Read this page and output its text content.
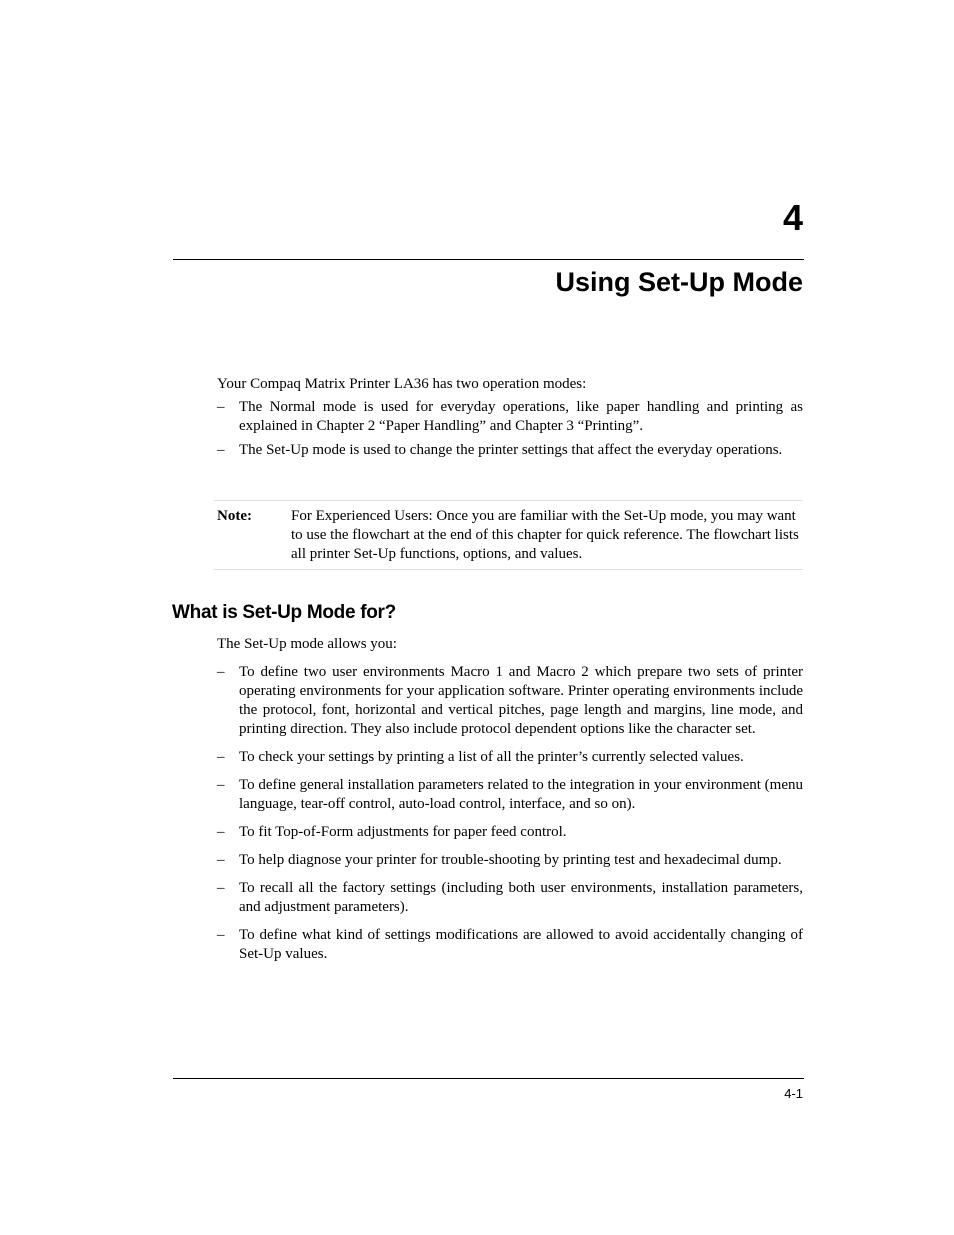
4
Using Set-Up Mode

Your Compaq Matrix Printer LA36 has two operation modes:

– The Normal mode is used for everyday operations, like paper handling and printing as explained in Chapter 2 “Paper Handling” and Chapter 3 “Printing”.
– The Set-Up mode is used to change the printer settings that affect the everyday operations.
Note:	For Experienced Users: Once you are familiar with the Set-Up mode, you may want to use the flowchart at the end of this chapter for quick reference. The flowchart lists all printer Set-Up functions, options, and values.
What is Set-Up Mode for?

The Set-Up mode allows you:

– To define two user environments Macro 1 and Macro 2 which prepare two sets of printer operating environments for your application software. Printer operating environments include the protocol, font, horizontal and vertical pitches, page length and margins, line mode, and printing direction. They also include protocol dependent options like the character set.
– To check your settings by printing a list of all the printer’s currently selected values.
– To define general installation parameters related to the integration in your environment (menu language, tear-off control, auto-load control, interface, and so on).
– To fit Top-of-Form adjustments for paper feed control.
– To help diagnose your printer for trouble-shooting by printing test and hexadecimal dump.
– To recall all the factory settings (including both user environments, installation parameters, and adjustment parameters).
– To define what kind of settings modifications are allowed to avoid accidentally changing of Set-Up values.
4-1
